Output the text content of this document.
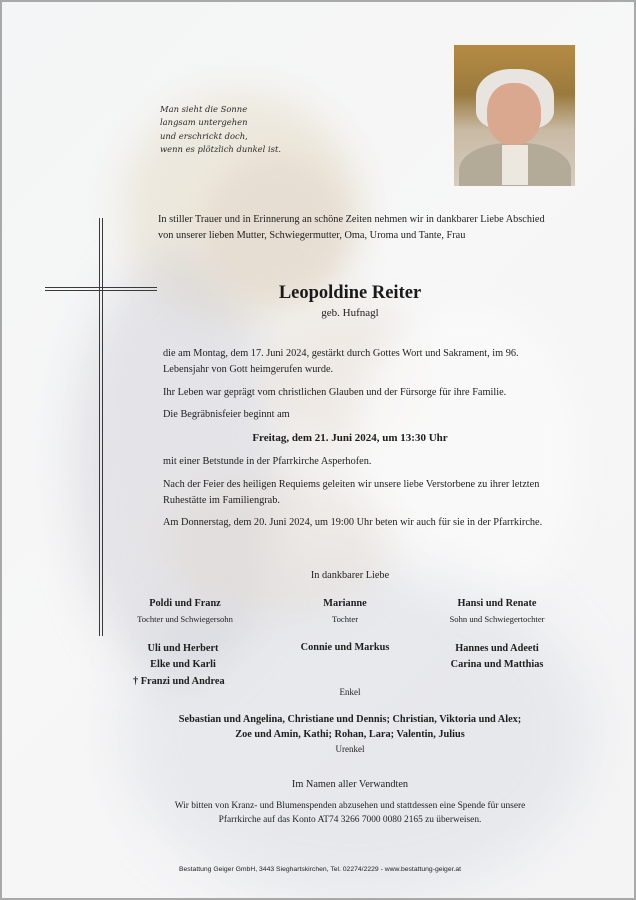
Man sieht die Sonne
langsam untergehen
und erschrickt doch,
wenn es plötzlich dunkel ist.
In stiller Trauer und in Erinnerung an schöne Zeiten nehmen wir in dankbarer Liebe Abschied von unserer lieben Mutter, Schwiegermutter, Oma, Uroma und Tante, Frau
Leopoldine Reiter
geb. Hufnagl
die am Montag, dem 17. Juni 2024, gestärkt durch Gottes Wort und Sakrament, im 96. Lebensjahr von Gott heimgerufen wurde.
Ihr Leben war geprägt vom christlichen Glauben und der Fürsorge für ihre Familie.
Die Begräbnisfeier beginnt am
Freitag, dem 21. Juni 2024, um 13:30 Uhr
mit einer Betstunde in der Pfarrkirche Asperhofen.
Nach der Feier des heiligen Requiems geleiten wir unsere liebe Verstorbene zu ihrer letzten Ruhestätte im Familiengrab.
Am Donnerstag, dem 20. Juni 2024, um 19:00 Uhr beten wir auch für sie in der Pfarrkirche.
In dankbarer Liebe
Poldi und Franz
Tochter und Schwiegersohn
Marianne
Tochter
Hansi und Renate
Sohn und Schwiegertochter
Uli und Herbert
Elke und Karli
† Franzi und Andrea
Connie und Markus	Hannes und Adeeti
Carina und Matthias
Enkel
Sebastian und Angelina, Christiane und Dennis; Christian, Viktoria und Alex;
Zoe und Amin, Kathi; Rohan, Lara; Valentin, Julius
Urenkel
Im Namen aller Verwandten
Wir bitten von Kranz- und Blumenspenden abzusehen und stattdessen eine Spende für unsere
Pfarrkirche auf das Konto AT74 3266 7000 0080 2165 zu überweisen.
Bestattung Geiger GmbH, 3443 Sieghartskirchen, Tel. 02274/2229 - www.bestattung-geiger.at
